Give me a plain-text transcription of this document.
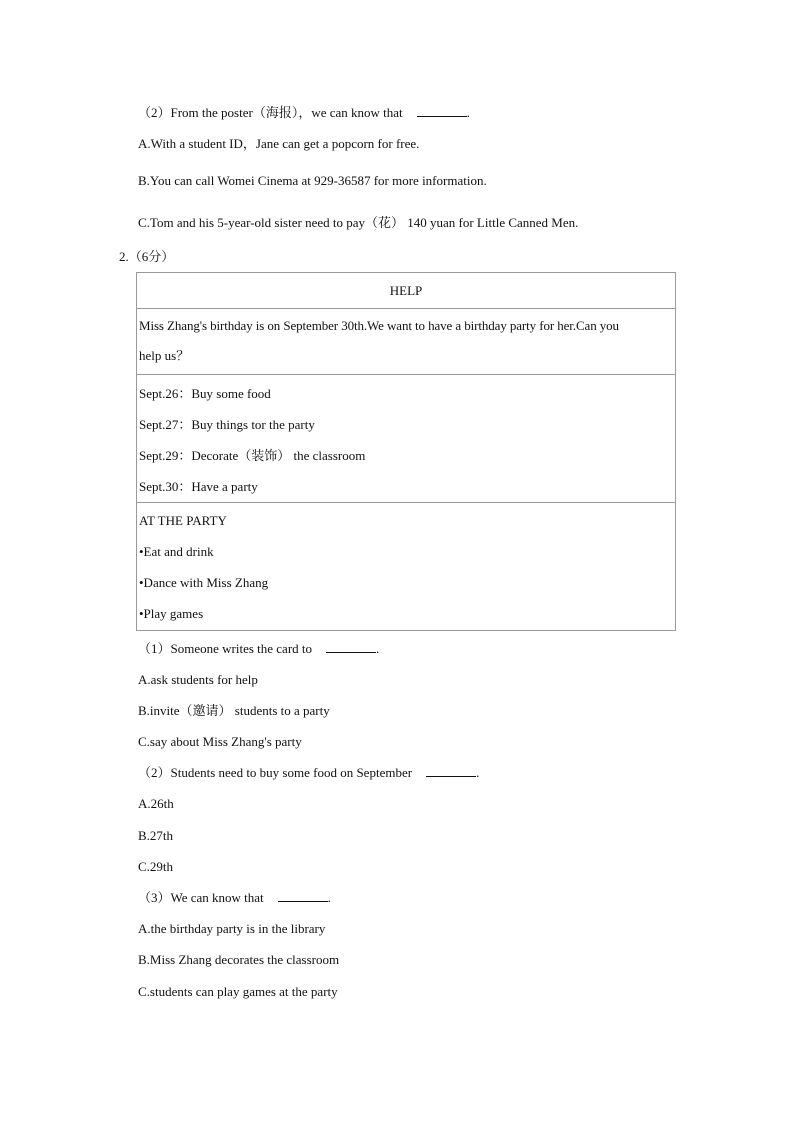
（2）From the poster（海报），we can know that	.
A.With a student ID，Jane can get a popcorn for free.
B.You can call Womei Cinema at 929-36587 for more information.
C.Tom and his 5-year-old sister need to pay（花） 140 yuan for Little Canned Men.
2.（6分）
HELP

Miss Zhang's birthday is on September 30th.We want to have a birthday party for her.Can you
help us？

Sept.26：Buy some food
Sept.27：Buy things tor the party
Sept.29：Decorate（装饰） the classroom
Sept.30：Have a party

AT THE PARTY
•Eat and drink
•Dance with Miss Zhang
•Play games
（1）Someone writes the card to	.
A.ask students for help
B.invite（邀请） students to a party
C.say about Miss Zhang's party
（2）Students need to buy some food on September	.
A.26th
B.27th
C.29th
（3）We can know that	.
A.the birthday party is in the library
B.Miss Zhang decorates the classroom
C.students can play games at the party
